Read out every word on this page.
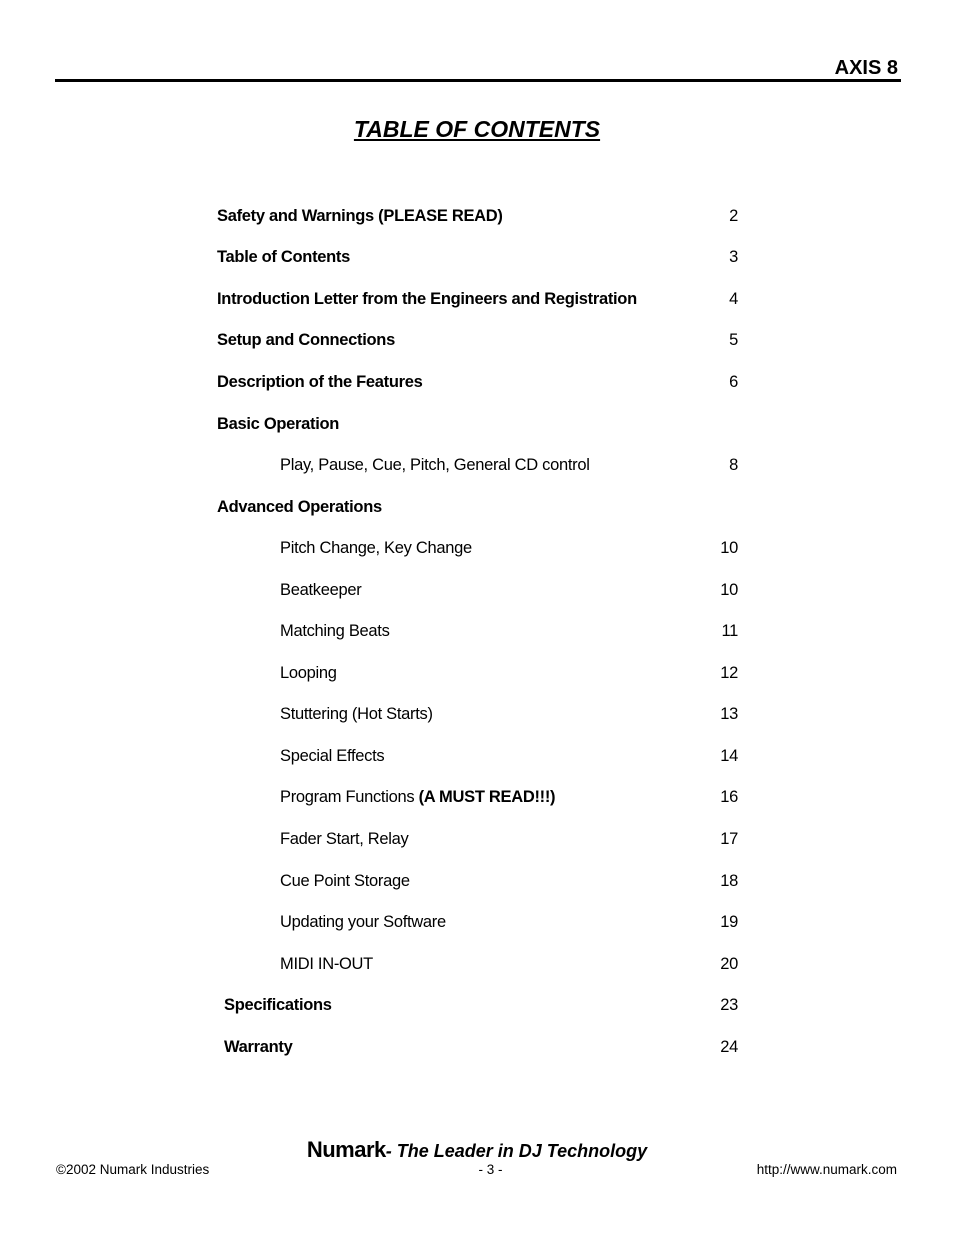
AXIS 8
TABLE OF CONTENTS
Safety and Warnings (PLEASE READ)	2
Table of Contents	3
Introduction Letter from the Engineers and Registration	4
Setup and Connections	5
Description of the Features	6
Basic Operation
Play, Pause, Cue, Pitch, General CD control	8
Advanced Operations
Pitch Change, Key Change	10
Beatkeeper	10
Matching Beats	11
Looping	12
Stuttering (Hot Starts)	13
Special Effects	14
Program Functions (A MUST READ!!!)	16
Fader Start, Relay	17
Cue Point Storage	18
Updating your Software	19
MIDI IN-OUT	20
Specifications	23
Warranty	24
Numark- The Leader in DJ Technology
©2002 Numark Industries	- 3 -	http://www.numark.com
